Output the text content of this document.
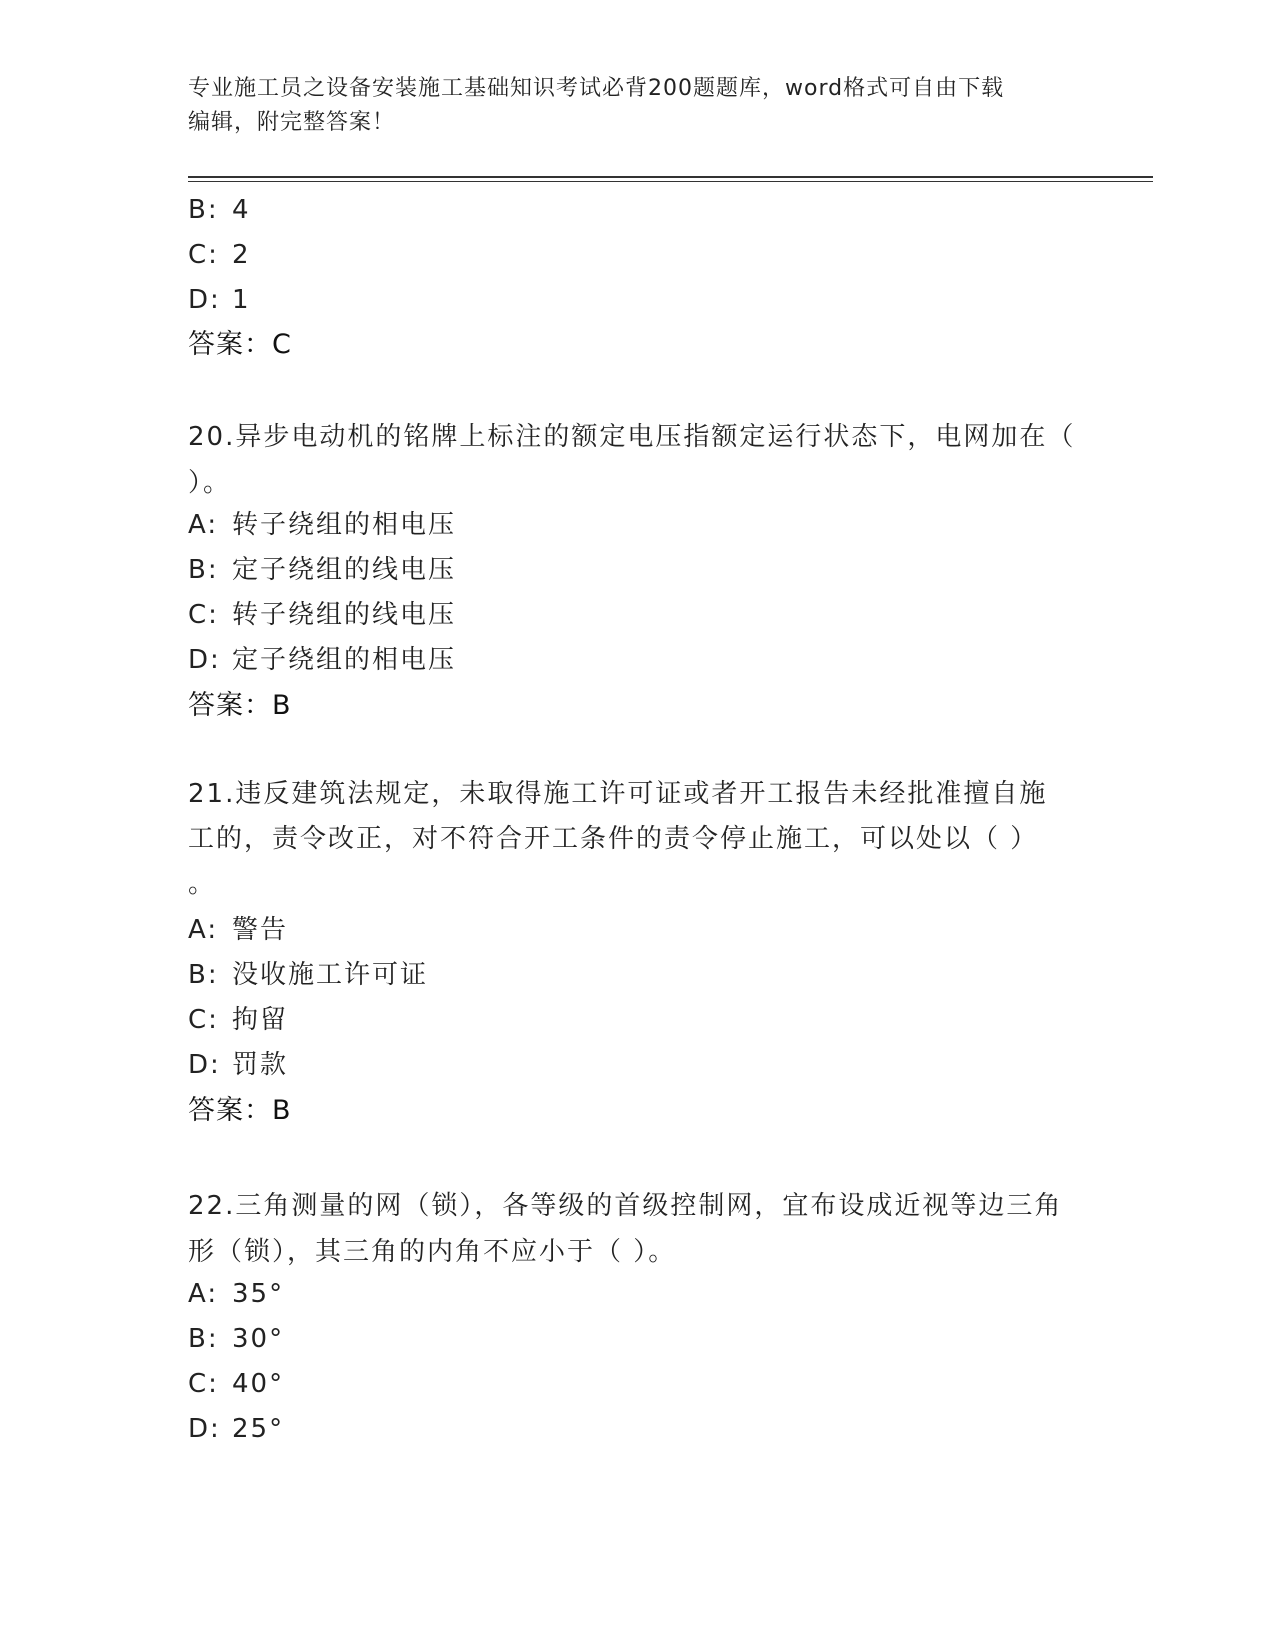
专业施工员之设备安装施工基础知识考试必背200题题库，word格式可自由下载
编辑，附完整答案！
B: 4
C: 2
D: 1
答案：C
20.异步电动机的铭牌上标注的额定电压指额定运行状态下，电网加在（ ）。
A: 转子绕组的相电压
B: 定子绕组的线电压
C: 转子绕组的线电压
D: 定子绕组的相电压
答案：B
21.违反建筑法规定，未取得施工许可证或者开工报告未经批准擅自施
工的，责令改正，对不符合开工条件的责令停止施工，可以处以（ ）
。
A: 警告
B: 没收施工许可证
C: 拘留
D: 罚款
答案：B
22.三角测量的网（锁），各等级的首级控制网，宜布设成近视等边三角形（锁），其三角的内角不应小于（ ）。
A: 35°
B: 30°
C: 40°
D: 25°
